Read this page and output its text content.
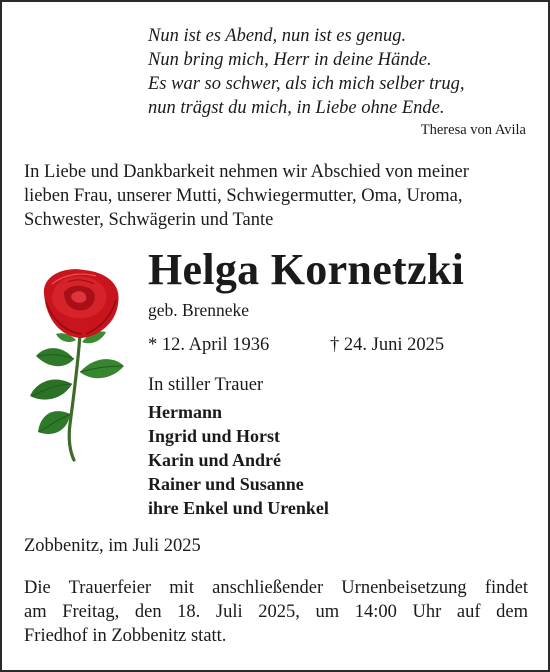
Nun ist es Abend, nun ist es genug.
Nun bring mich, Herr in deine Hände.
Es war so schwer, als ich mich selber trug,
nun trägst du mich, in Liebe ohne Ende.
Theresa von Avila
In Liebe und Dankbarkeit nehmen wir Abschied von meiner
lieben Frau, unserer Mutti, Schwiegermutter, Oma, Uroma,
Schwester, Schwägerin und Tante
Helga Kornetzki
geb. Brenneke
* 12. April 1936	† 24. Juni 2025
In stiller Trauer
Hermann
Ingrid und Horst
Karin und André
Rainer und Susanne
ihre Enkel und Urenkel
Zobbenitz, im Juli 2025
Die Trauerfeier mit anschließender Urnenbeisetzung findet
am Freitag, den 18. Juli 2025, um 14:00 Uhr auf dem
Friedhof in Zobbenitz statt.
